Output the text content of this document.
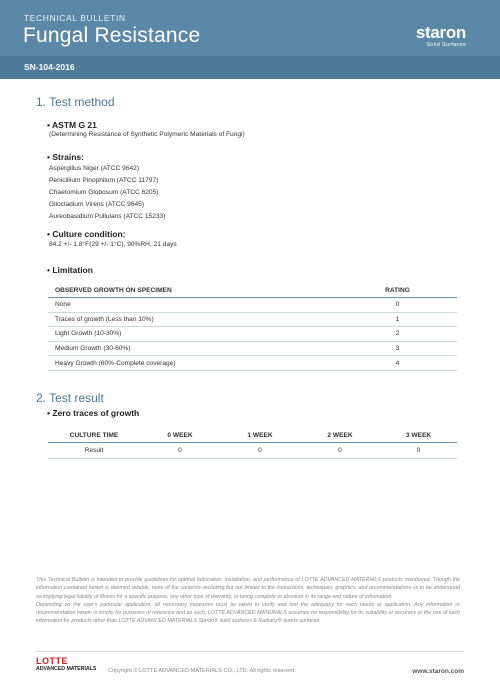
TECHNICAL BULLETIN
Fungal Resistance
SN-104-2016
staron
Solid Surfaces
1. Test method
• ASTM G 21
(Determining Resistance of Synthetic Polymeric Materials of Fungi)
• Strains:
Aspergillus Niger (ATCC 9642)
Penicillium Pinophilum (ATCC 11797)
Chaetomium Globosum (ATCC 6205)
Gliocladium Virens (ATCC 9645)
Aureobasidium Pullulans (ATCC 15233)
• Culture condition:
84.2 +/- 1.8°F(29 +/- 1°C), 90%RH, 21 days
• Limitation
OBSERVED GROWTH ON SPECIMEN	RATING
None	0
Traces of growth (Less than 10%)	1
Light Growth (10-30%)	2
Medium Growth (30-60%)	3
Heavy Growth (60%-Complete coverage)	4
2. Test result
• Zero traces of growth
CULTURE TIME	0 WEEK	1 WEEK	2 WEEK	3 WEEK
Result	0	0	0	0
This Technical Bulletin is intended to provide guidelines for optimal fabrication, installation, and performance of LOTTE ADVANCED MATERIALS products mentioned. Though the information contained herein is deemed reliable, none of the contents–including but not limited to the instructions, techniques, graphics, and recommendations–is to be understood as implying legal liability of fitness for a specific purpose, any other type of warranty, or being complete or absolute in its range and nature of information.
Depending on the user's particular application, all necessary measures must be taken to verify and test the adequacy for such needs or application. Any information or recommendation herein is strictly for purposes of reference and as such, LOTTE ADVANCED MATERIALS assumes no responsibility for its suitability or accuracy or the use of such information for products other than LOTTE ADVANCED MATERIALS Staron® solid surfaces & Radianz® quartz surfaces.
LOTTE
ADVANCED MATERIALS Copyright © LOTTE ADVANCED MATERIALS CO., LTD. All rights reserved.	www.staron.com
